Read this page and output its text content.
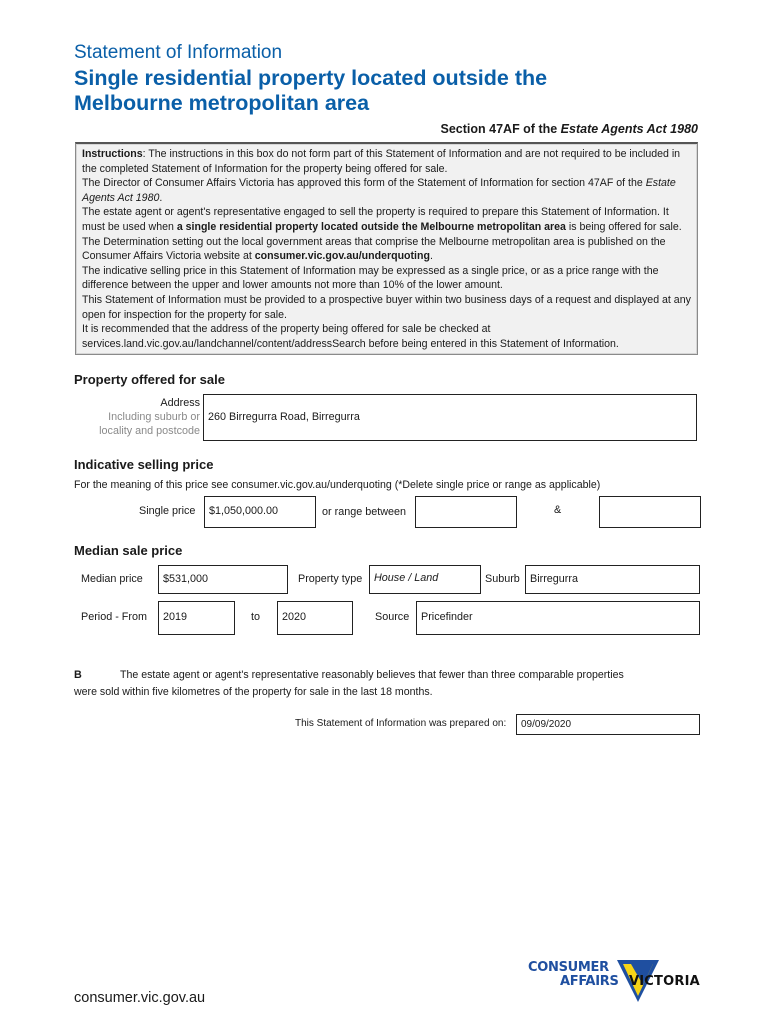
Statement of Information
Single residential property located outside the
Melbourne metropolitan area
Section 47AF of the Estate Agents Act 1980

Instructions: The instructions in this box do not form part of this Statement of Information and are not required to be included in the completed Statement of Information for the property being offered for sale.

The Director of Consumer Affairs Victoria has approved this form of the Statement of Information for section 47AF of the Estate Agents Act 1980.

The estate agent or agent's representative engaged to sell the property is required to prepare this Statement of Information. It must be used when a single residential property located outside the Melbourne metropolitan area is being offered for sale. The Determination setting out the local government areas that comprise the Melbourne metropolitan area is published on the Consumer Affairs Victoria website at consumer.vic.gov.au/underquoting.

The indicative selling price in this Statement of Information may be expressed as a single price, or as a price range with the difference between the upper and lower amounts not more than 10% of the lower amount.

This Statement of Information must be provided to a prospective buyer within two business days of a request and displayed at any open for inspection for the property for sale.

It is recommended that the address of the property being offered for sale be checked at services.land.vic.gov.au/landchannel/content/addressSearch before being entered in this Statement of Information.

Property offered for sale
Address
Including suburb or
locality and postcode
260 Birregurra Road, Birregurra
Indicative selling price
For the meaning of this price see consumer.vic.gov.au/underquoting (*Delete single price or range as applicable)
Single price	$1,050,000.00	or range between	&
Median sale price
Median price	$531,000	Property type	House / Land	Suburb Birregurra
Period - From	2019	to	2020	Source	Pricefinder
B	The estate agent or agent's representative reasonably believes that fewer than three comparable properties
were sold within five kilometres of the property for sale in the last 18 months.
This Statement of Information was prepared on:	09/09/2020
consumer.vic.gov.au
CONSUMER
AFFAIRS VICTORIA
